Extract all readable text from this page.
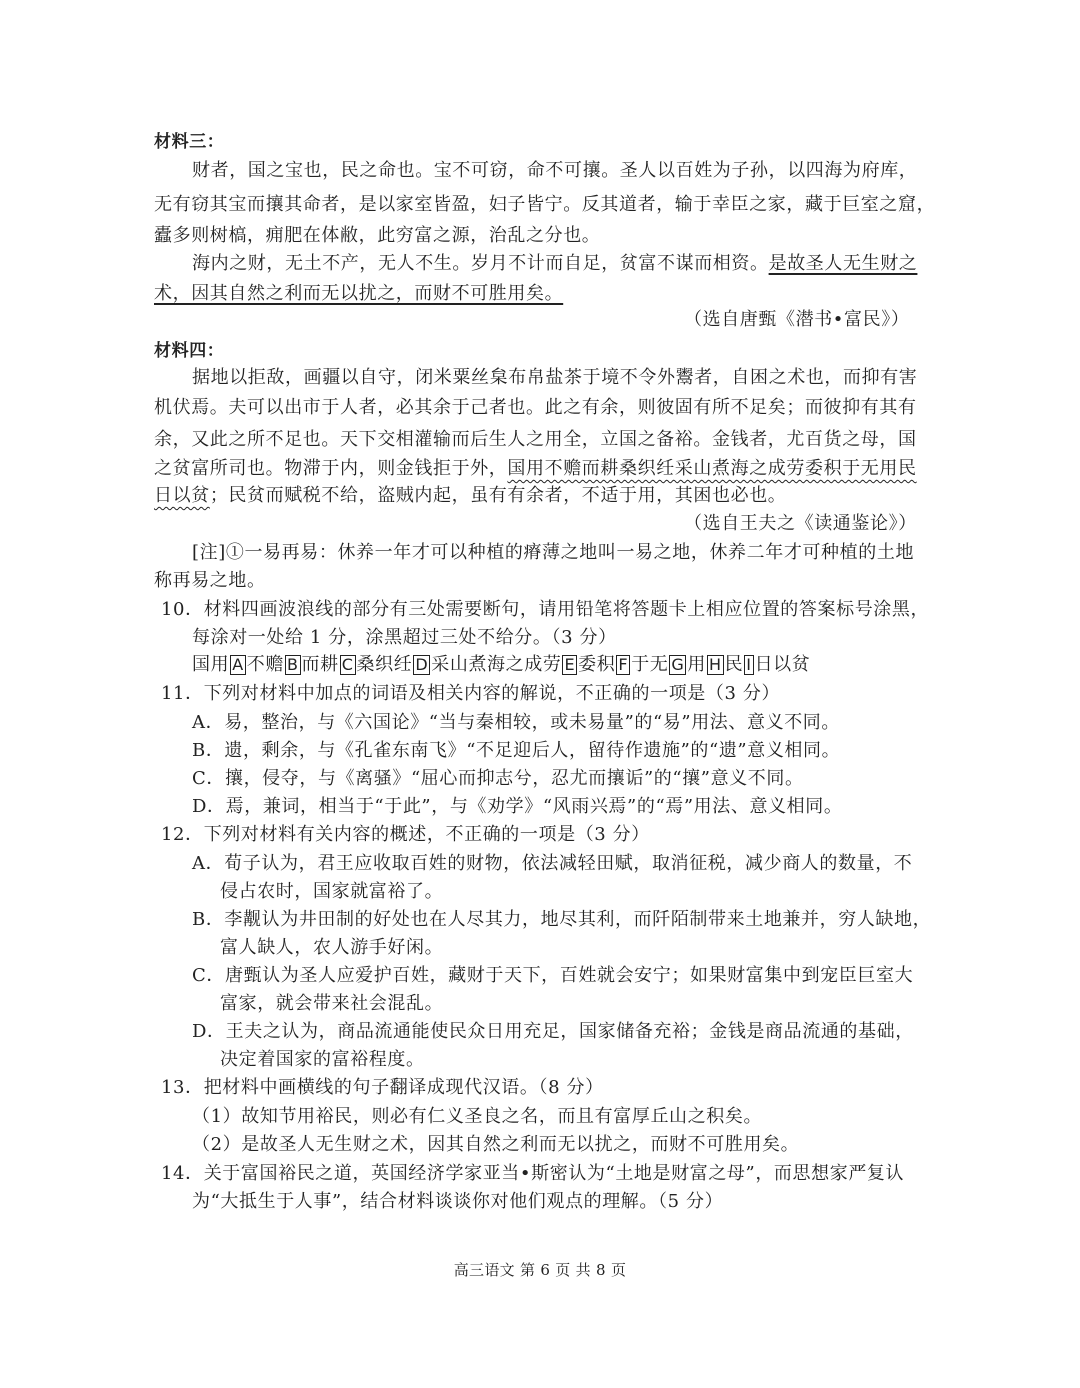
材料三：
财者，国之宝也，民之命也。宝不可窃，命不可攘。圣人以百姓为子孙，以四海为府库，
无有窃其宝而攘其命者，是以家室皆盈，妇子皆宁。反其道者，输于幸臣之家，藏于巨室之窟，
蠹多则树槁，痈肥在体敝，此穷富之源，治乱之分也。
海内之财，无土不产，无人不生。岁月不计而自足，贫富不谋而相资。是故圣人无生财之
术，因其自然之利而无以扰之，而财不可胜用矣。
（选自唐甄《潜书•富民》）
材料四：
据地以拒敌，画疆以自守，闭米粟丝枲布帛盐茶于境不令外鬻者，自困之术也，而抑有害
机伏焉。夫可以出市于人者，必其余于己者也。此之有余，则彼固有所不足矣；而彼抑有其有
余，又此之所不足也。天下交相灌输而后生人之用全，立国之备裕。金钱者，尤百货之母，国
之贫富所司也。物滞于内，则金钱拒于外，国用不赡而耕桑织纴采山煮海之成劳委积于无用民
日以贫；民贫而赋税不给，盗贼内起，虽有有余者，不适于用，其困也必也。
（选自王夫之《读通鉴论》）
[注]①一易再易：休养一年才可以种植的瘠薄之地叫一易之地，休养二年才可种植的土地
称再易之地。
10．材料四画波浪线的部分有三处需要断句，请用铅笔将答题卡上相应位置的答案标号涂黑，
每涂对一处给 1 分，涂黑超过三处不给分。（3 分）
国用 A 不赡 B 而耕 C 桑织纴 D 采山煮海之成劳 E 委积 F 于无 G 用 H 民 I 日以贫
11．下列对材料中加点的词语及相关内容的解说，不正确的一项是（3 分）
A．易，整治，与《六国论》“当与秦相较，或未易量”的“易”用法、意义不同。
B．遗，剩余，与《孔雀东南飞》“不足迎后人，留待作遗施”的“遗”意义相同。
C．攘，侵夺，与《离骚》“屈心而抑志兮，忍尤而攘诟”的“攘”意义不同。
D．焉，兼词，相当于“于此”，与《劝学》“风雨兴焉”的“焉”用法、意义相同。
12．下列对材料有关内容的概述，不正确的一项是（3 分）
A．荀子认为，君王应收取百姓的财物，依法减轻田赋，取消征税，减少商人的数量，不
侵占农时，国家就富裕了。
B．李觏认为井田制的好处也在人尽其力，地尽其利，而阡陌制带来土地兼并，穷人缺地，
富人缺人，农人游手好闲。
C．唐甄认为圣人应爱护百姓，藏财于天下，百姓就会安宁；如果财富集中到宠臣巨室大
富家，就会带来社会混乱。
D．王夫之认为，商品流通能使民众日用充足，国家储备充裕；金钱是商品流通的基础，
决定着国家的富裕程度。
13．把材料中画横线的句子翻译成现代汉语。（8 分）
（1）故知节用裕民，则必有仁义圣良之名，而且有富厚丘山之积矣。
（2）是故圣人无生财之术，因其自然之利而无以扰之，而财不可胜用矣。
14．关于富国裕民之道，英国经济学家亚当•斯密认为“土地是财富之母”，而思想家严复认
为“大抵生于人事”，结合材料谈谈你对他们观点的理解。（5 分）
高三语文 第 6 页 共 8 页
